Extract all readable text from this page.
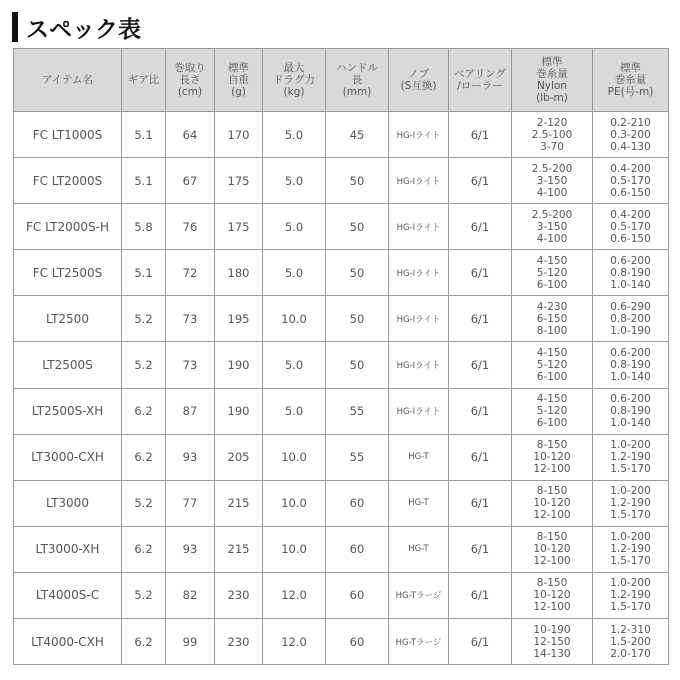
スペック表
アイテム名	ギア比	巻取り
長さ
(cm)	標準
自重
(g)	最大
ドラグ力
(kg)	ハンドル
長
(mm)	ノブ
(S互換)	ベアリング
/ローラー	標準
巻糸量
Nylon
(lb-m)	標準
巻糸量
PE(号-m)

FC LT1000S	5.1	64	170	5.0	45	HG-Iライト	6/1	2-120
2.5-100
3-70	0.2-210
0.3-200
0.4-130

FC LT2000S	5.1	67	175	5.0	50	HG-Iライト	6/1	2.5-200
3-150
4-100	0.4-200
0.5-170
0.6-150

FC LT2000S-H	5.8	76	175	5.0	50	HG-Iライト	6/1	2.5-200
3-150
4-100	0.4-200
0.5-170
0.6-150

FC LT2500S	5.1	72	180	5.0	50	HG-Iライト	6/1	4-150
5-120
6-100	0.6-200
0.8-190
1.0-140

LT2500	5.2	73	195	10.0	50	HG-Iライト	6/1	4-230
6-150
8-100	0.6-290
0.8-200
1.0-190

LT2500S	5.2	73	190	5.0	50	HG-Iライト	6/1	4-150
5-120
6-100	0.6-200
0.8-190
1.0-140

LT2500S-XH	6.2	87	190	5.0	55	HG-Iライト	6/1	4-150
5-120
6-100	0.6-200
0.8-190
1.0-140

LT3000-CXH	6.2	93	205	10.0	55	HG-T	6/1	8-150
10-120
12-100	1.0-200
1.2-190
1.5-170

LT3000	5.2	77	215	10.0	60	HG-T	6/1	8-150
10-120
12-100	1.0-200
1.2-190
1.5-170

LT3000-XH	6.2	93	215	10.0	60	HG-T	6/1	8-150
10-120
12-100	1.0-200
1.2-190
1.5-170

LT4000S-C	5.2	82	230	12.0	60	HG-Tラージ	6/1	8-150
10-120
12-100	1.0-200
1.2-190
1.5-170

LT4000-CXH	6.2	99	230	12.0	60	HG-Tラージ	6/1	10-190
12-150
14-130	1.2-310
1.5-200
2.0-170
